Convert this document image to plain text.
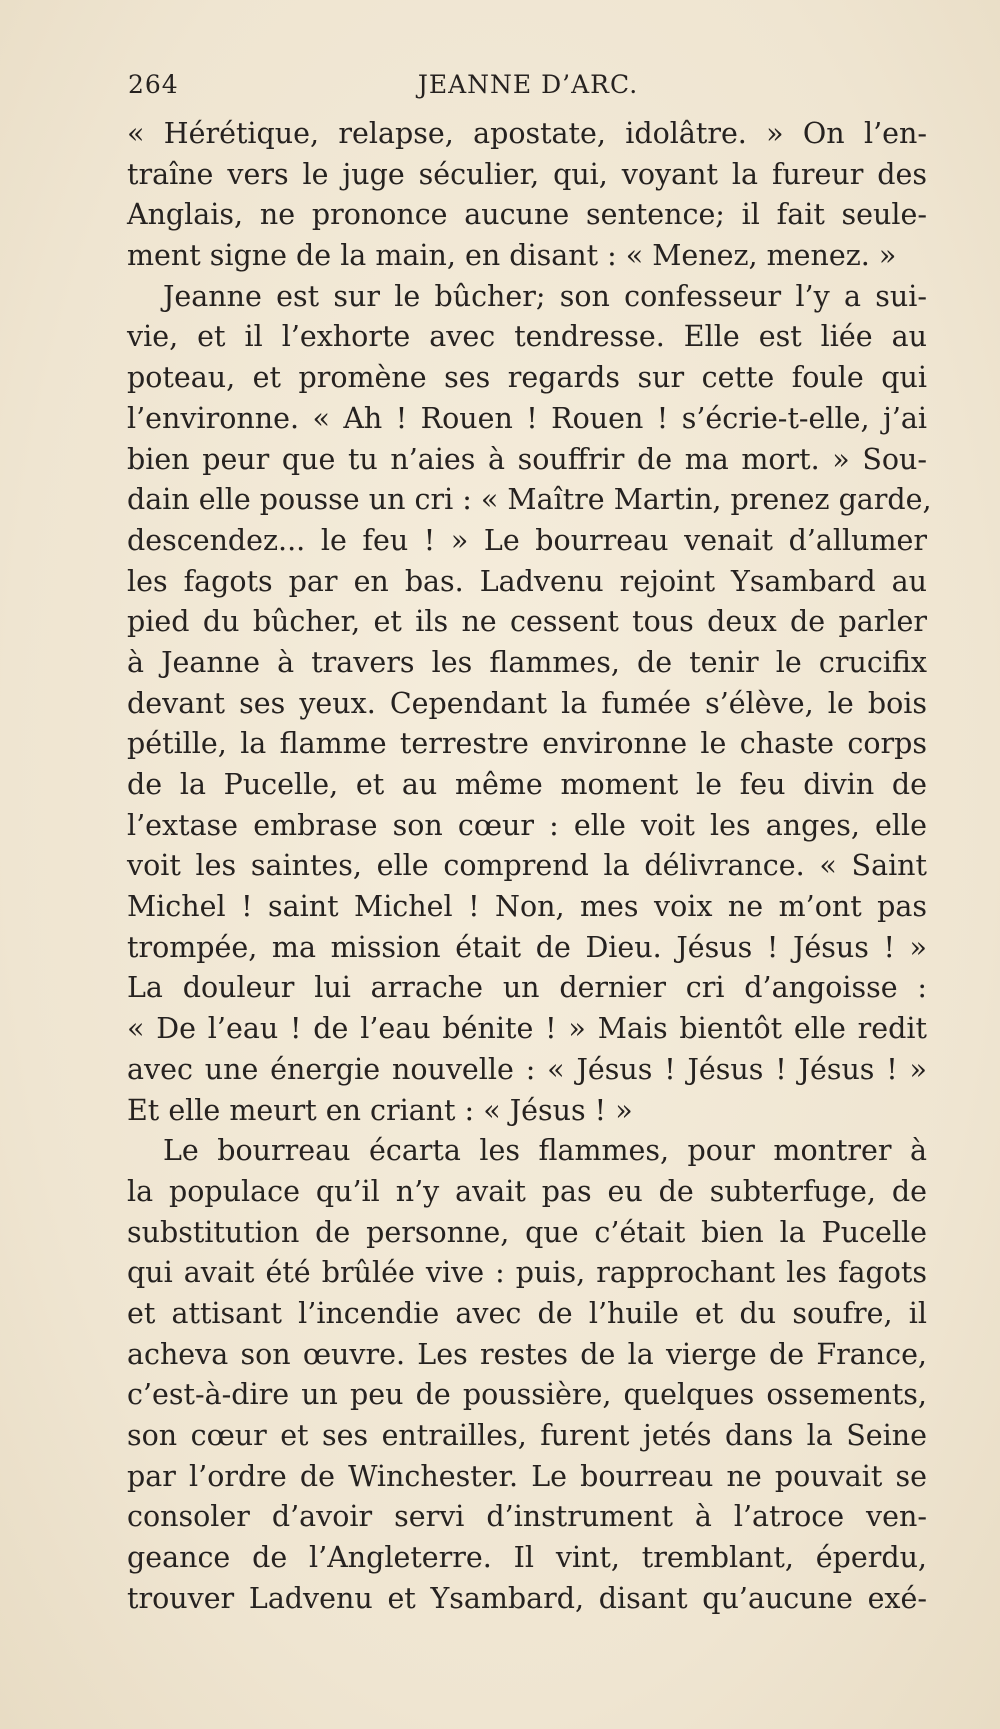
264	JEANNE D’ARC.
« Hérétique, relapse, apostate, idolâtre. » On l’en-
traîne vers le juge séculier, qui, voyant la fureur des
Anglais, ne prononce aucune sentence; il fait seule-
ment signe de la main, en disant : « Menez, menez. »
Jeanne est sur le bûcher; son confesseur l’y a sui-
vie, et il l’exhorte avec tendresse. Elle est liée au
poteau, et promène ses regards sur cette foule qui
l’environne. « Ah ! Rouen ! Rouen ! s’écrie-t-elle, j’ai
bien peur que tu n’aies à souffrir de ma mort. » Sou-
dain elle pousse un cri : « Maître Martin, prenez garde,
descendez... le feu ! » Le bourreau venait d’allumer
les fagots par en bas. Ladvenu rejoint Ysambard au
pied du bûcher, et ils ne cessent tous deux de parler
à Jeanne à travers les flammes, de tenir le crucifix
devant ses yeux. Cependant la fumée s’élève, le bois
pétille, la flamme terrestre environne le chaste corps
de la Pucelle, et au même moment le feu divin de
l’extase embrase son cœur : elle voit les anges, elle
voit les saintes, elle comprend la délivrance. « Saint
Michel ! saint Michel ! Non, mes voix ne m’ont pas
trompée, ma mission était de Dieu. Jésus ! Jésus ! »
La douleur lui arrache un dernier cri d’angoisse :
« De l’eau ! de l’eau bénite ! » Mais bientôt elle redit
avec une énergie nouvelle : « Jésus ! Jésus ! Jésus ! »
Et elle meurt en criant : « Jésus ! »
Le bourreau écarta les flammes, pour montrer à
la populace qu’il n’y avait pas eu de subterfuge, de
substitution de personne, que c’était bien la Pucelle
qui avait été brûlée vive : puis, rapprochant les fagots
et attisant l’incendie avec de l’huile et du soufre, il
acheva son œuvre. Les restes de la vierge de France,
c’est-à-dire un peu de poussière, quelques ossements,
son cœur et ses entrailles, furent jetés dans la Seine
par l’ordre de Winchester. Le bourreau ne pouvait se
consoler d’avoir servi d’instrument à l’atroce ven-
geance de l’Angleterre. Il vint, tremblant, éperdu,
trouver Ladvenu et Ysambard, disant qu’aucune exé-
